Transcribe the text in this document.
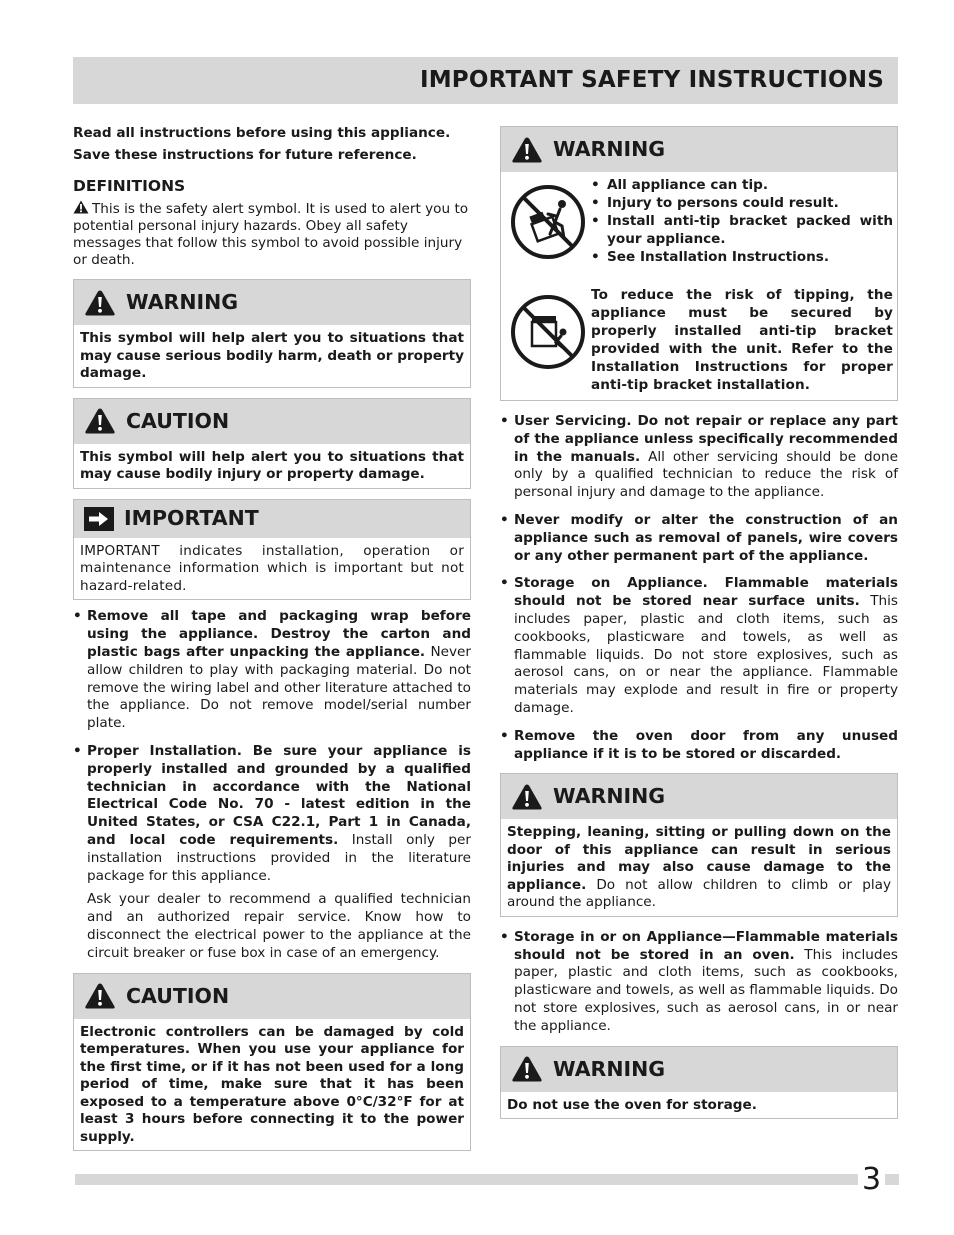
IMPORTANT SAFETY INSTRUCTIONS

Read all instructions before using this appliance.

Save these instructions for future reference.

DEFINITIONS
This is the safety alert symbol. It is used to alert you to potential personal injury hazards. Obey all safety messages that follow this symbol to avoid possible injury or death.
WARNING
This symbol will help alert you to situations that may cause serious bodily harm, death or property damage.
CAUTION
This symbol will help alert you to situations that may cause bodily injury or property damage.
IMPORTANT
IMPORTANT indicates installation, operation or maintenance information which is important but not hazard-related.
• Remove all tape and packaging wrap before using the appliance. Destroy the carton and plastic bags after unpacking the appliance. Never allow children to play with packaging material. Do not remove the wiring label and other literature attached to the appliance. Do not remove model/serial number plate.
• Proper Installation. Be sure your appliance is properly installed and grounded by a qualified technician in accordance with the National Electrical Code No. 70 - latest edition in the United States, or CSA C22.1, Part 1 in Canada, and local code requirements. Install only per installation instructions provided in the literature package for this appliance.
Ask your dealer to recommend a qualified technician and an authorized repair service. Know how to disconnect the electrical power to the appliance at the circuit breaker or fuse box in case of an emergency.
CAUTION
Electronic controllers can be damaged by cold temperatures. When you use your appliance for the first time, or if it has not been used for a long period of time, make sure that it has been exposed to a temperature above 0°C/32°F for at least 3 hours before connecting it to the power supply.
WARNING
• All appliance can tip.
• Injury to persons could result.
• Install anti-tip bracket packed with your appliance.
• See Installation Instructions.
To reduce the risk of tipping, the appliance must be secured by properly installed anti-tip bracket provided with the unit. Refer to the Installation Instructions for proper anti-tip bracket installation.
• User Servicing. Do not repair or replace any part of the appliance unless specifically recommended in the manuals. All other servicing should be done only by a qualified technician to reduce the risk of personal injury and damage to the appliance.
• Never modify or alter the construction of an appliance such as removal of panels, wire covers or any other permanent part of the appliance.
• Storage on Appliance. Flammable materials should not be stored near surface units. This includes paper, plastic and cloth items, such as cookbooks, plasticware and towels, as well as flammable liquids. Do not store explosives, such as aerosol cans, on or near the appliance. Flammable materials may explode and result in fire or property damage.
• Remove the oven door from any unused appliance if it is to be stored or discarded.
WARNING
Stepping, leaning, sitting or pulling down on the door of this appliance can result in serious injuries and may also cause damage to the appliance. Do not allow children to climb or play around the appliance.
• Storage in or on Appliance—Flammable materials should not be stored in an oven. This includes paper, plastic and cloth items, such as cookbooks, plasticware and towels, as well as flammable liquids. Do not store explosives, such as aerosol cans, in or near the appliance.
WARNING
Do not use the oven for storage.
3
